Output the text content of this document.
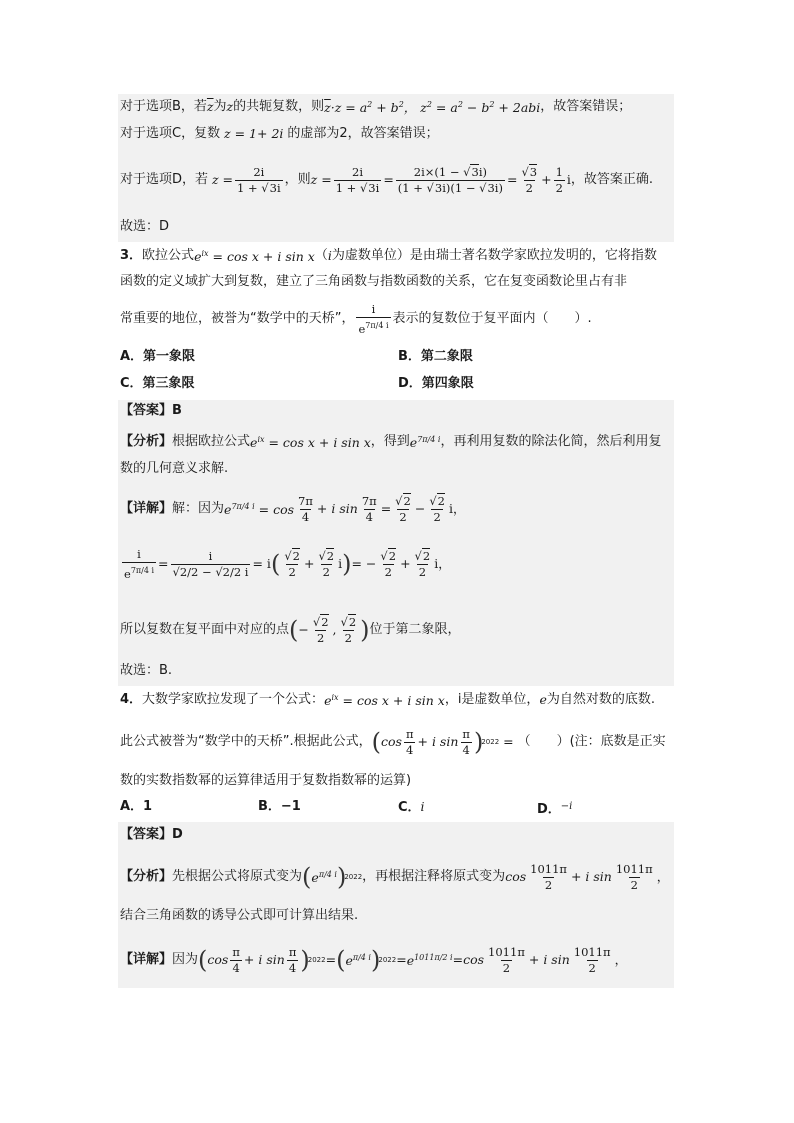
对于选项B，若 $\overline{z}$ 为 z 的共轭复数，则 $\overline{z}\cdot z = a^2 + b^2$， $z^2 = a^2 - b^2 + 2abi$ ，故答案错误；
对于选项C，复数 z = 1+ 2i 的虚部为2，故答案错误；
对于选项D，若 $z = \frac{2i}{1 + √3i}$ ，则 $z = \frac{2i}{1 + √3i} = \frac{2i\times(1 - √3i)}{(1 + √3i)(1 - √3i)} = \frac{√3}{2} + \frac{1}{2}$ i ，故答案正确.
故选：D
3． 欧拉公式 $e^{ix} = \cos x + i$ sin x （ i 为虚数单位）是由瑞士著名数学家欧拉发明的，它将指数
函数的定义域扩大到复数，建立了三角函数与指数函数的关系，它在复变函数论里占有非
常重要的地位，被誉为“数学中的天桥”，
i
$e^{7\pi/4 i}$ 表示的复数位于复平面内（　　）.
A．第一象限	B．第二象限
C．第三象限	D．第四象限
【答案】 B
【分析】 根据欧拉公式 $e^{ix} = \cos x + i$ sin x ，得到 $e^{7\pi/4 i}$ ，再利用复数的除法化简，然后利用复
数的几何意义求解.
【详解】 解：因为 $e^{7\pi/4 i} = \cos$
7π
4
+ i $\sin \frac{7\pi}{4} = \frac{√2}{2} - \frac{√2}{2}$ i，
$\frac{i}{e^{7\pi/4 i}} = \frac{i}{√2/2 - √2/2 i} = i$ ( √2
2
+ $\frac{√2}{2}$ i ) = − $\frac{√2}{2} + \frac{√2}{2}$ i，
所以复数在复平面中对应的点 ( − $\frac{√2}{2}$ ,
√2
2 ) 位于第二象限，
故选：B.
4． 大数学家欧拉发现了一个公式： $e^{ix} = \cos x + i$ sin x ，i是虚数单位， e 为自然对数的底数.
此公式被誉为“数学中的天桥”.根据此公式， ( cos
π
4
+ i sin
π
4 )
2022 = （　　）(注：底数是正实
数的实数指数幂的运算律适用于复数指数幂的运算)
A．1	B．−1	C．i	D．$^{-i}$
【答案】 D
【分析】 先根据公式将原式变为 ( $e^{\pi/4 i}$ )
2022 ，再根据注释将原式变为 cos
1011π
2
+ i sin
1011π
2
，
结合三角函数的诱导公式即可计算出结果.
【详解】 因为 ( cos
π
4
+ i sin
π
4 )
2022 = ( $e^{\pi/4 i}$ )
$2022 = e^{1011\pi/2 i} = \cos$
1011π
2
+ i sin
1011π
2
，
